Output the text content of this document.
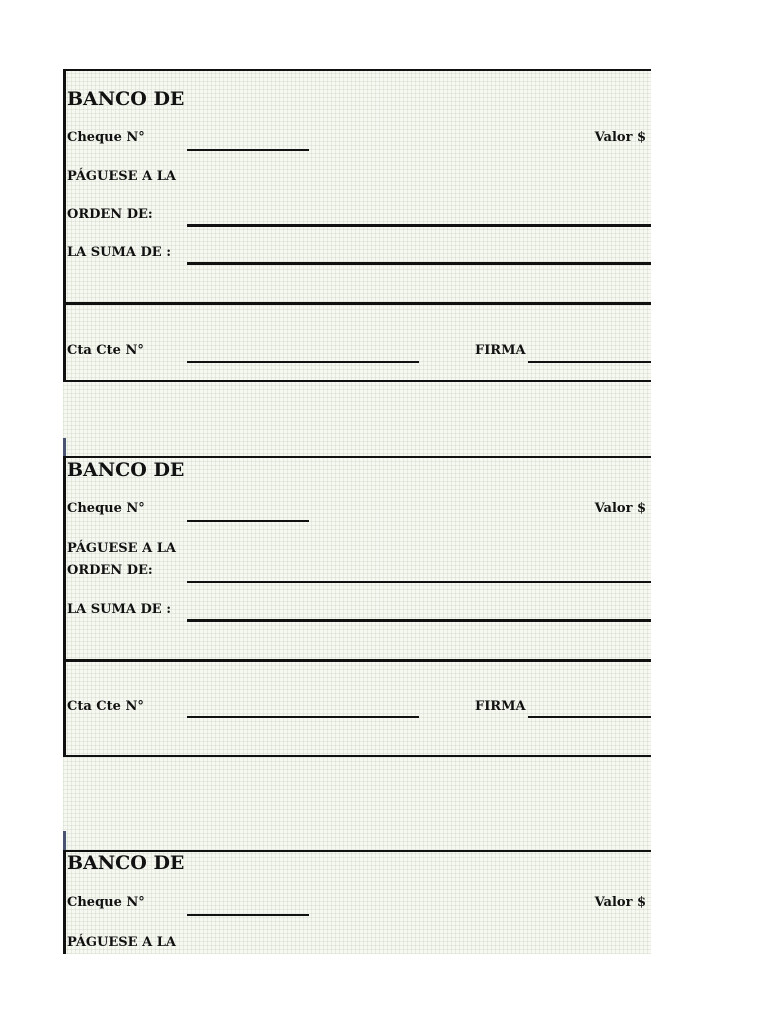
BANCO DE
Cheque N°	Valor $
PÁGUESE A LA
ORDEN DE:
LA SUMA DE :
Cta Cte N°	FIRMA
BANCO DE
Cheque N°	Valor $
PÁGUESE A LA
ORDEN DE:
LA SUMA DE :
Cta Cte N°	FIRMA
BANCO DE
Cheque N°	Valor $
PÁGUESE A LA
